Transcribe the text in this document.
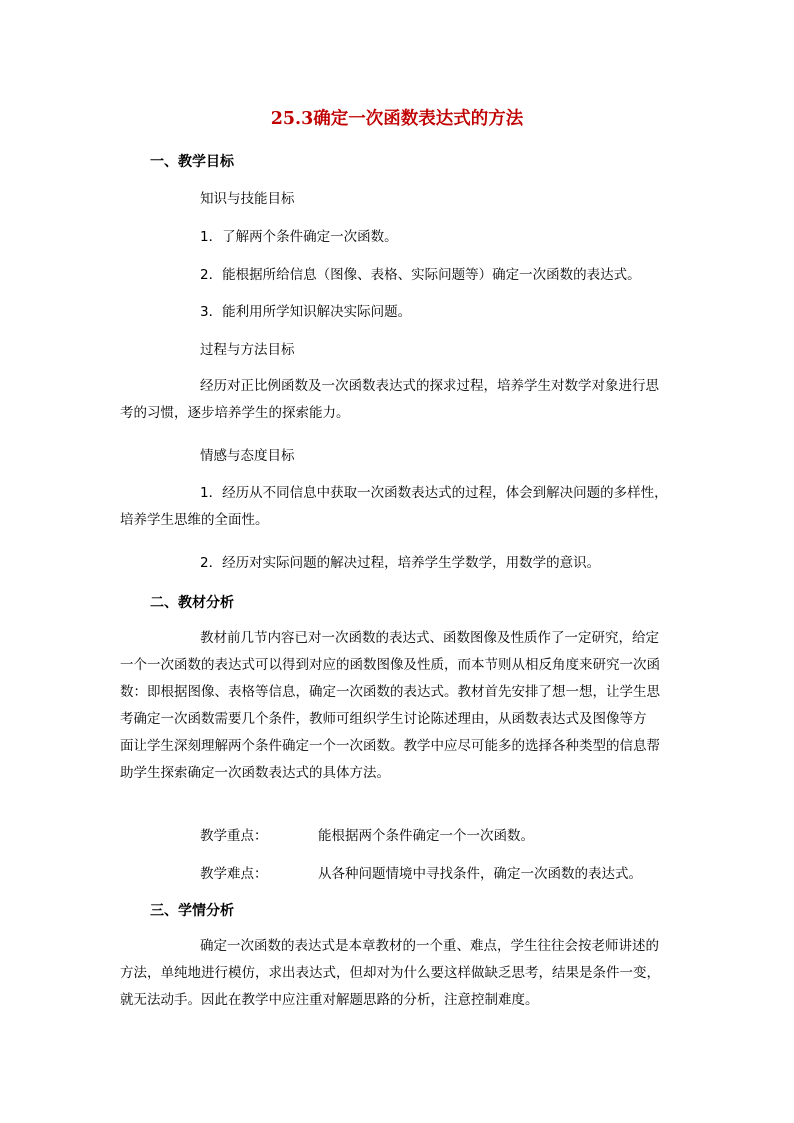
25.3确定一次函数表达式的方法
一、教学目标
知识与技能目标
1．了解两个条件确定一次函数。
2．能根据所给信息（图像、表格、实际问题等）确定一次函数的表达式。
3．能利用所学知识解决实际问题。
过程与方法目标
经历对正比例函数及一次函数表达式的探求过程，培养学生对数学对象进行思
考的习惯，逐步培养学生的探索能力。
情感与态度目标
1．经历从不同信息中获取一次函数表达式的过程，体会到解决问题的多样性，
培养学生思维的全面性。
2．经历对实际问题的解决过程，培养学生学数学，用数学的意识。
二、教材分析
教材前几节内容已对一次函数的表达式、函数图像及性质作了一定研究，给定
一个一次函数的表达式可以得到对应的函数图像及性质，而本节则从相反角度来研究一次函
数：即根据图像、表格等信息，确定一次函数的表达式。教材首先安排了想一想，让学生思
考确定一次函数需要几个条件，教师可组织学生讨论陈述理由，从函数表达式及图像等方
面让学生深刻理解两个条件确定一个一次函数。教学中应尽可能多的选择各种类型的信息帮
助学生探索确定一次函数表达式的具体方法。
教学重点：	能根据两个条件确定一个一次函数。
教学难点：	从各种问题情境中寻找条件，确定一次函数的表达式。
三、学情分析
确定一次函数的表达式是本章教材的一个重、难点，学生往往会按老师讲述的
方法，单纯地进行模仿，求出表达式，但却对为什么要这样做缺乏思考，结果是条件一变，
就无法动手。因此在教学中应注重对解题思路的分析，注意控制难度。
